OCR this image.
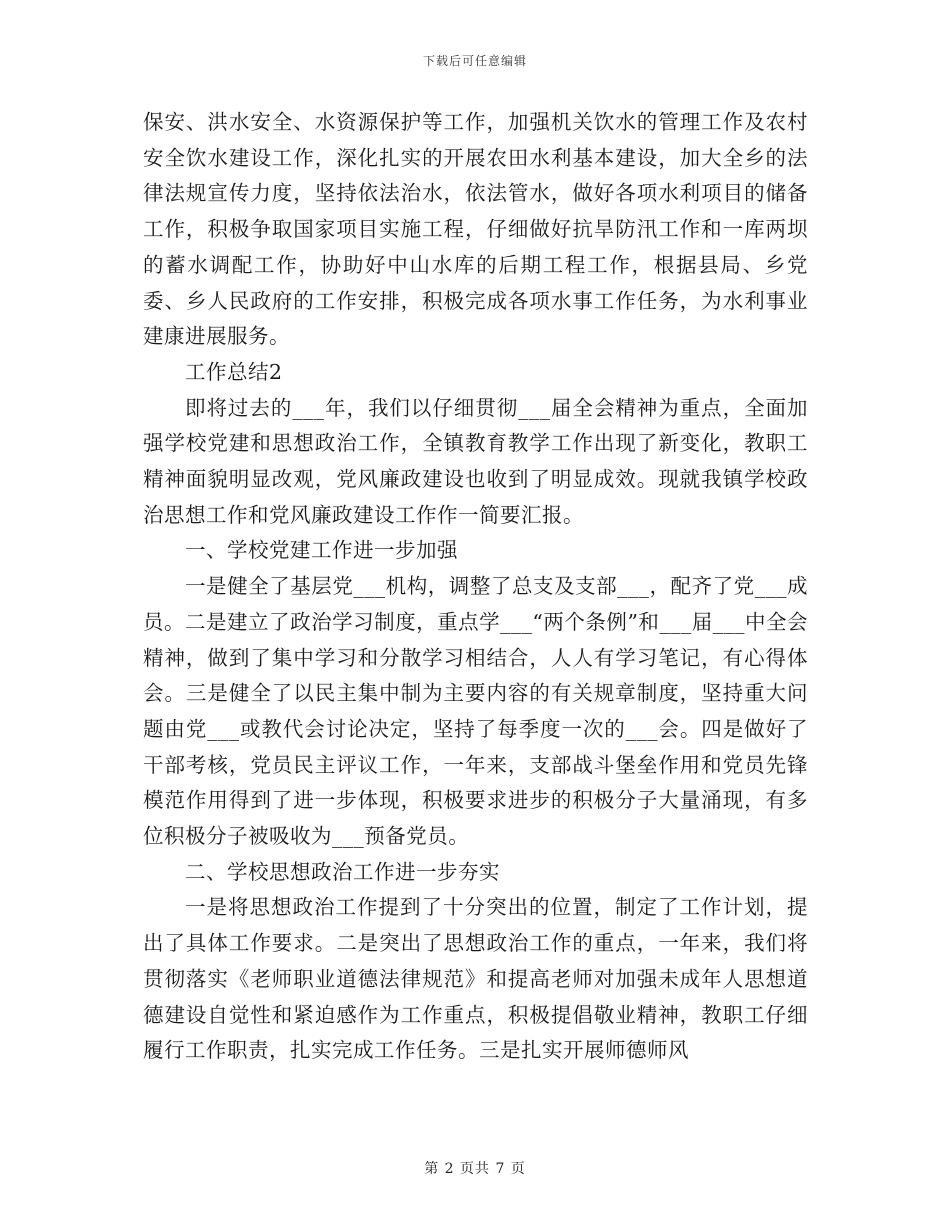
下载后可任意编辑

保安、洪水安全、水资源保护等工作，加强机关饮水的管理工作及农村安全饮水建设工作，深化扎实的开展农田水利基本建设，加大全乡的法律法规宣传力度，坚持依法治水，依法管水，做好各项水利项目的储备工作，积极争取国家项目实施工程，仔细做好抗旱防汛工作和一库两坝的蓄水调配工作，协助好中山水库的后期工程工作，根据县局、乡党委、乡人民政府的工作安排，积极完成各项水事工作任务，为水利事业建康进展服务。

工作总结2

即将过去的___年，我们以仔细贯彻___届全会精神为重点，全面加强学校党建和思想政治工作，全镇教育教学工作出现了新变化，教职工精神面貌明显改观，党风廉政建设也收到了明显成效。现就我镇学校政治思想工作和党风廉政建设工作作一简要汇报。

一、学校党建工作进一步加强

一是健全了基层党___机构，调整了总支及支部___，配齐了党___成员。二是建立了政治学习制度，重点学___“两个条例”和___届___中全会精神，做到了集中学习和分散学习相结合，人人有学习笔记，有心得体会。三是健全了以民主集中制为主要内容的有关规章制度，坚持重大问题由党___或教代会讨论决定，坚持了每季度一次的___会。四是做好了干部考核，党员民主评议工作，一年来，支部战斗堡垒作用和党员先锋模范作用得到了进一步体现，积极要求进步的积极分子大量涌现，有多位积极分子被吸收为___预备党员。

二、学校思想政治工作进一步夯实

一是将思想政治工作提到了十分突出的位置，制定了工作计划，提出了具体工作要求。二是突出了思想政治工作的重点，一年来，我们将贯彻落实《老师职业道德法律规范》和提高老师对加强未成年人思想道德建设自觉性和紧迫感作为工作重点，积极提倡敬业精神，教职工仔细履行工作职责，扎实完成工作任务。三是扎实开展师德师风

第 2 页共 7 页
